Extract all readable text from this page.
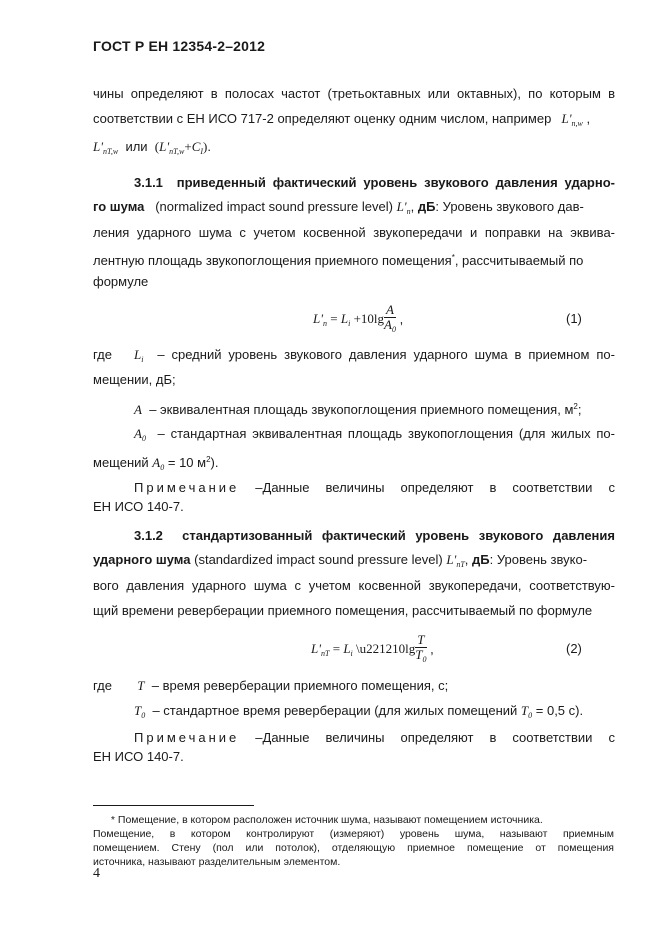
ГОСТ Р ЕН 12354-2–2012
чины определяют в полосах частот (третьоктавных или октавных), по которым в
соответствии с ЕН ИСО 717-2 определяют оценку одним числом, например   $L'_{n,w}$ ,
$L'_{nT,w}$ или $(L'_{nT,w}+C_I)$.
3.1.1 приведенный фактический уровень звукового давления ударно-
го шума (normalized impact sound pressure level) $L'_n$, дБ: Уровень звукового дав-
ления ударного шума с учетом косвенной звукопередачи и поправки на эквива-
лентную площадь звукопоглощения приемного помещения*, рассчитываемый по
формуле
$L'_n = L_i +10\lg \frac{A}{A_0}$ ,	(1)
где $L_i$ – средний уровень звукового давления ударного шума в приемном по-
мещении, дБ;
A – эквивалентная площадь звукопоглощения приемного помещения, $м^2$;
$A_0$ – стандартная эквивалентная площадь звукопоглощения (для жилых по-
мещений $A_0 = 10$ $м^2$).
Примечание –Данные величины определяют в соответствии с
ЕН ИСО 140-7.
3.1.2 стандартизованный фактический уровень звукового давления
ударного шума (standardized impact sound pressure level) $L'_{nT}$, дБ: Уровень звуко-
вого давления ударного шума с учетом косвенной звукопередачи, соответствую-
щий времени реверберации приемного помещения, рассчитываемый по формуле
$L'_{nT} = L_i$ \u221210lg $\frac{T}{T_0}$ ,	(2)
где T – время реверберации приемного помещения, с;
$T_0$ – стандартное время реверберации (для жилых помещений $T_0 = 0,5$ с).
Примечание –Данные величины определяют в соответствии с
ЕН ИСО 140-7.
* Помещение, в котором расположен источник шума, называют помещением источника.
Помещение, в котором контролируют (измеряют) уровень шума, называют приемным
помещением. Стену (пол или потолок), отделяющую приемное помещение от помещения
источника, называют разделительным элементом.
4
